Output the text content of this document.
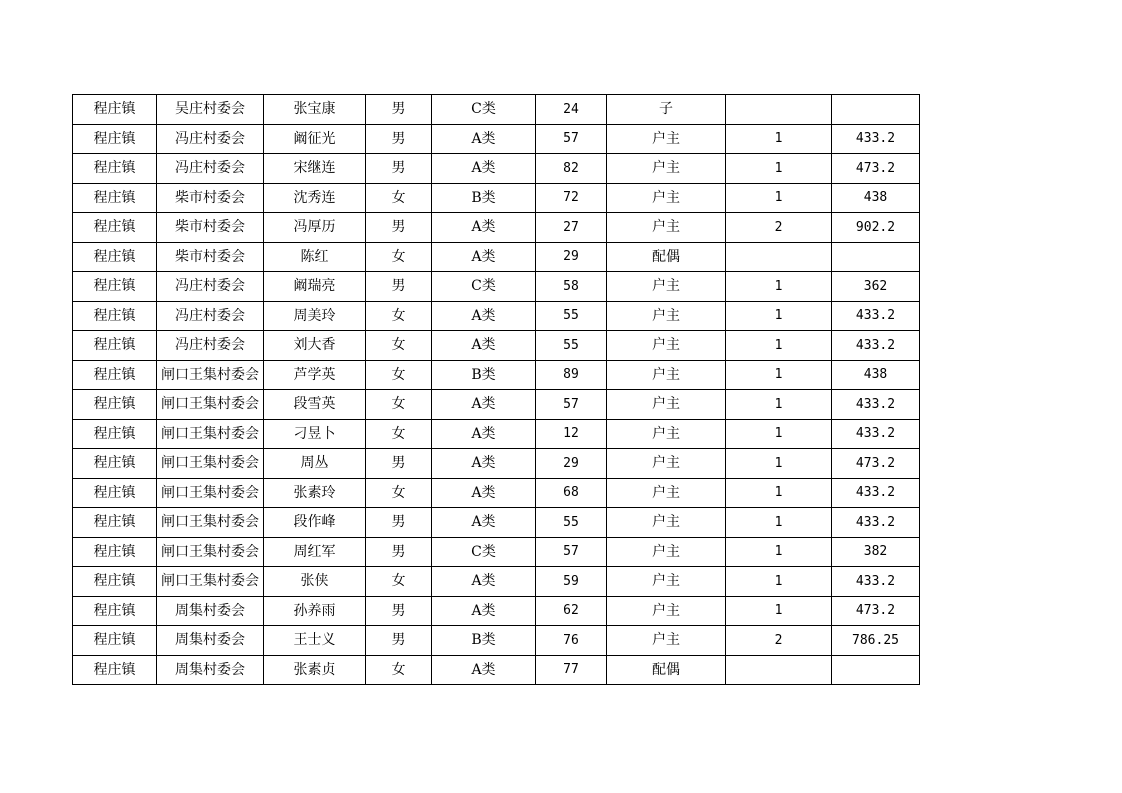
程庄镇	吴庄村委会	张宝康	男	C类	24	子		
程庄镇	冯庄村委会	阚征光	男	A类	57	户主	1	433.2
程庄镇	冯庄村委会	宋继连	男	A类	82	户主	1	473.2
程庄镇	柴市村委会	沈秀连	女	B类	72	户主	1	438
程庄镇	柴市村委会	冯厚历	男	A类	27	户主	2	902.2
程庄镇	柴市村委会	陈红	女	A类	29	配偶		
程庄镇	冯庄村委会	阚瑞亮	男	C类	58	户主	1	362
程庄镇	冯庄村委会	周美玲	女	A类	55	户主	1	433.2
程庄镇	冯庄村委会	刘大香	女	A类	55	户主	1	433.2
程庄镇	闸口王集村委会	芦学英	女	B类	89	户主	1	438
程庄镇	闸口王集村委会	段雪英	女	A类	57	户主	1	433.2
程庄镇	闸口王集村委会	刁昱卜	女	A类	12	户主	1	433.2
程庄镇	闸口王集村委会	周丛	男	A类	29	户主	1	473.2
程庄镇	闸口王集村委会	张素玲	女	A类	68	户主	1	433.2
程庄镇	闸口王集村委会	段作峰	男	A类	55	户主	1	433.2
程庄镇	闸口王集村委会	周红军	男	C类	57	户主	1	382
程庄镇	闸口王集村委会	张侠	女	A类	59	户主	1	433.2
程庄镇	周集村委会	孙养雨	男	A类	62	户主	1	473.2
程庄镇	周集村委会	王士义	男	B类	76	户主	2	786.25
程庄镇	周集村委会	张素贞	女	A类	77	配偶		
